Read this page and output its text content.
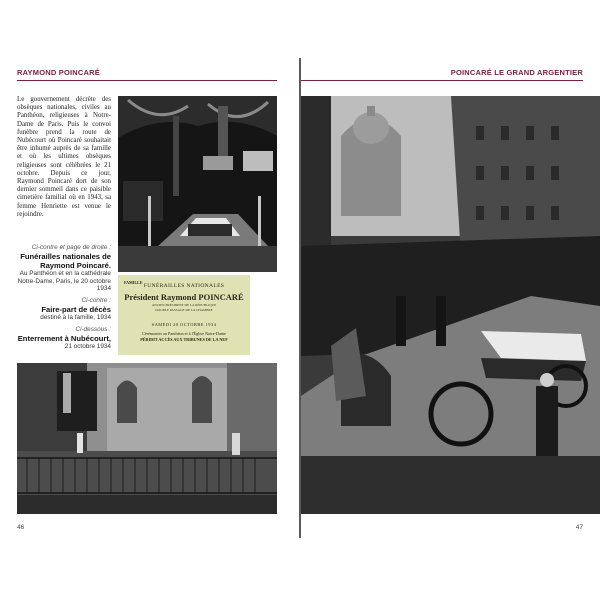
RAYMOND POINCARÉ
Le gouvernement décrète des obsèques nationales, civiles au Panthéon, religieuses à Notre-Dame de Paris. Puis le convoi funèbre prend la route de Nubécourt où Poincaré souhaitait être inhumé auprès de sa famille et où les ultimes obsèques religieuses sont célébrées le 21 octobre. Depuis ce jour, Raymond Poincaré dort de son dernier sommeil dans ce paisible cimetière familial où en 1943, sa femme Henriette est venue le rejoindre.
Ci-contre et page de droite :
Funérailles nationales de Raymond Poincaré.
Au Panthéon et en la cathédrale Notre-Dame, Paris, le 20 octobre 1934
Ci-contre :
Faire-part de décès
destiné à la famille, 1934
Ci-dessous :
Enterrement à Nubécourt,
21 octobre 1934
FAMILLE
FUNÉRAILLES NATIONALES
Président Raymond POINCARÉ
ANCIEN PRÉSIDENT DE LA RÉPUBLIQUE
DOUBLE PASSAGE DE LA CHAMBRE
SAMEDI 20 OCTOBRE 1934
Cérémonies au Panthéon et à l'Église Notre-Dame
PÉRIDIT ACCÈS AUX TRIBUNES DE LA NEF
46
POINCARÉ LE GRAND ARGENTIER
47
